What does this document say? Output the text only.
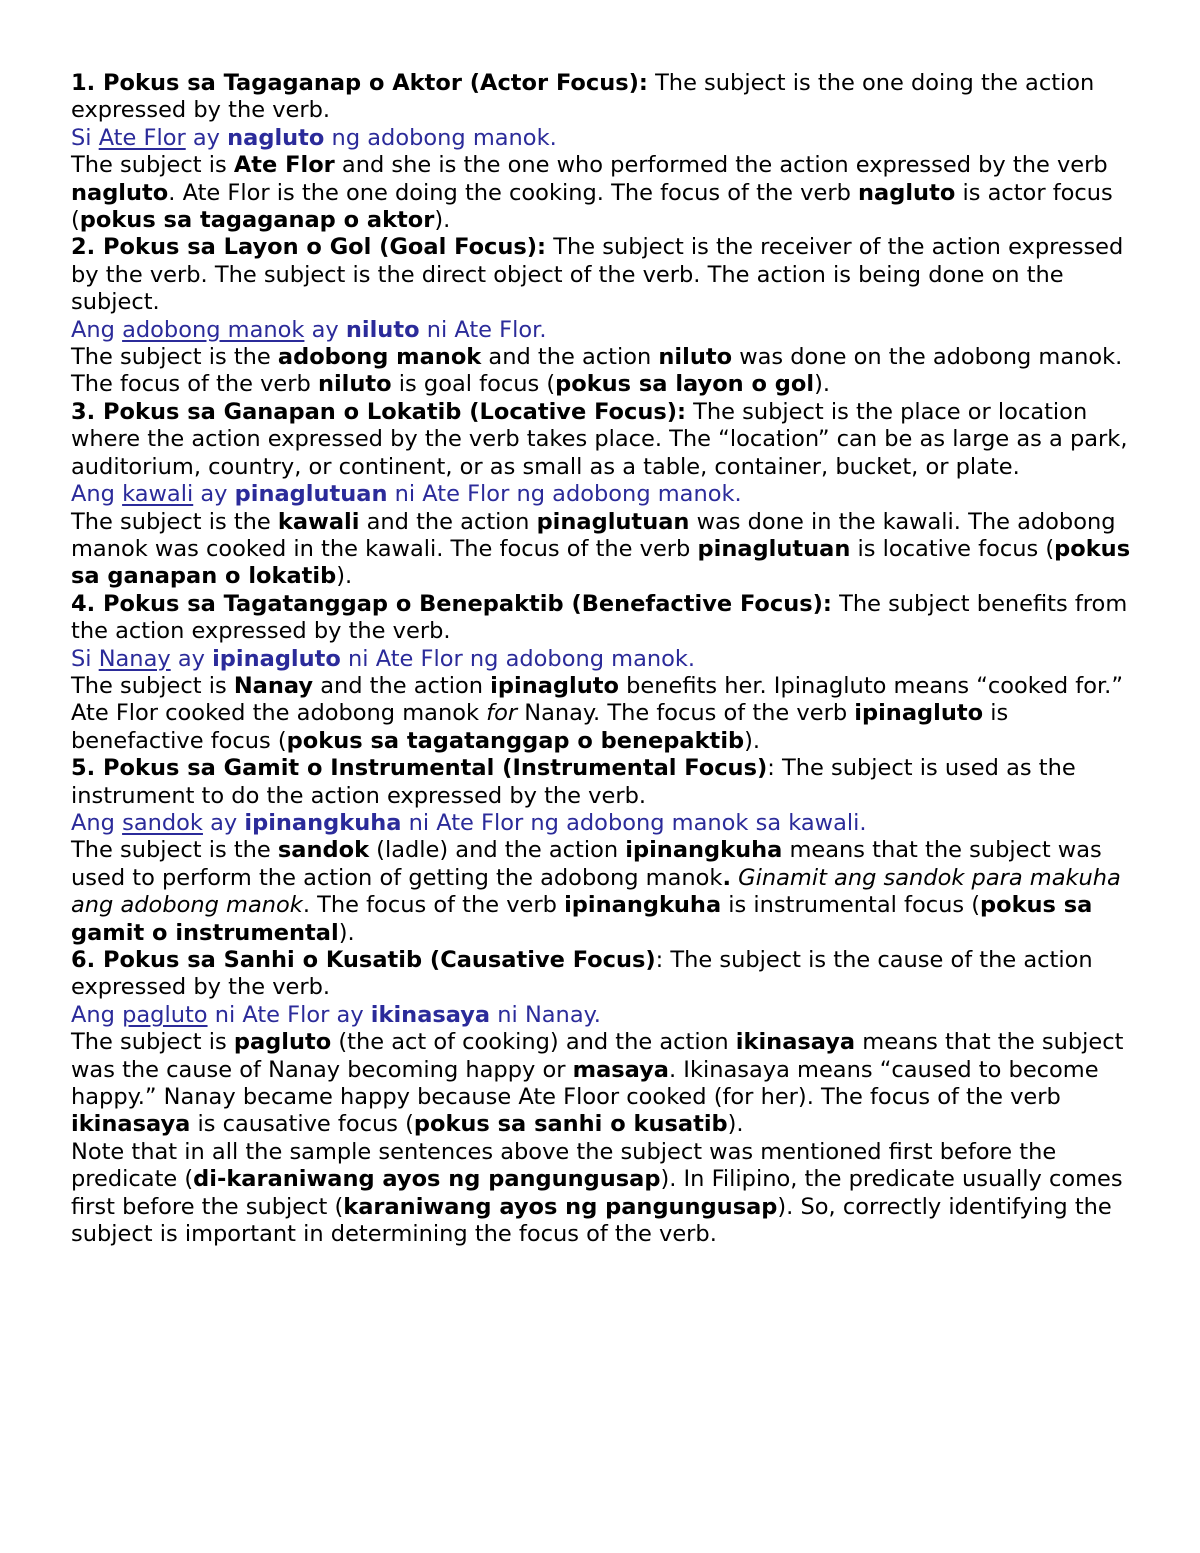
1. Pokus sa Tagaganap o Aktor (Actor Focus): The subject is the one doing the action expressed by the verb.

Si Ate Flor ay nagluto ng adobong manok.

The subject is Ate Flor and she is the one who performed the action expressed by the verb nagluto. Ate Flor is the one doing the cooking. The focus of the verb nagluto is actor focus (pokus sa tagaganap o aktor).

2. Pokus sa Layon o Gol (Goal Focus): The subject is the receiver of the action expressed by the verb. The subject is the direct object of the verb. The action is being done on the subject.

Ang adobong manok ay niluto ni Ate Flor.

The subject is the adobong manok and the action niluto was done on the adobong manok. The focus of the verb niluto is goal focus (pokus sa layon o gol).

3. Pokus sa Ganapan o Lokatib (Locative Focus): The subject is the place or location where the action expressed by the verb takes place. The “location” can be as large as a park, auditorium, country, or continent, or as small as a table, container, bucket, or plate.

Ang kawali ay pinaglutuan ni Ate Flor ng adobong manok.

The subject is the kawali and the action pinaglutuan was done in the kawali. The adobong manok was cooked in the kawali. The focus of the verb pinaglutuan is locative focus (pokus sa ganapan o lokatib).

4. Pokus sa Tagatanggap o Benepaktib (Benefactive Focus): The subject benefits from the action expressed by the verb.

Si Nanay ay ipinagluto ni Ate Flor ng adobong manok.

The subject is Nanay and the action ipinagluto benefits her. Ipinagluto means “cooked for.” Ate Flor cooked the adobong manok for Nanay. The focus of the verb ipinagluto is benefactive focus (pokus sa tagatanggap o benepaktib).

5. Pokus sa Gamit o Instrumental (Instrumental Focus): The subject is used as the instrument to do the action expressed by the verb.

Ang sandok ay ipinangkuha ni Ate Flor ng adobong manok sa kawali.

The subject is the sandok (ladle) and the action ipinangkuha means that the subject was used to perform the action of getting the adobong manok. Ginamit ang sandok para makuha ang adobong manok. The focus of the verb ipinangkuha is instrumental focus (pokus sa gamit o instrumental).

6. Pokus sa Sanhi o Kusatib (Causative Focus): The subject is the cause of the action expressed by the verb.

Ang pagluto ni Ate Flor ay ikinasaya ni Nanay.

The subject is pagluto (the act of cooking) and the action ikinasaya means that the subject was the cause of Nanay becoming happy or masaya. Ikinasaya means “caused to become happy.” Nanay became happy because Ate Floor cooked (for her). The focus of the verb ikinasaya is causative focus (pokus sa sanhi o kusatib).

Note that in all the sample sentences above the subject was mentioned first before the predicate (di-karaniwang ayos ng pangungusap). In Filipino, the predicate usually comes first before the subject (karaniwang ayos ng pangungusap). So, correctly identifying the subject is important in determining the focus of the verb.
